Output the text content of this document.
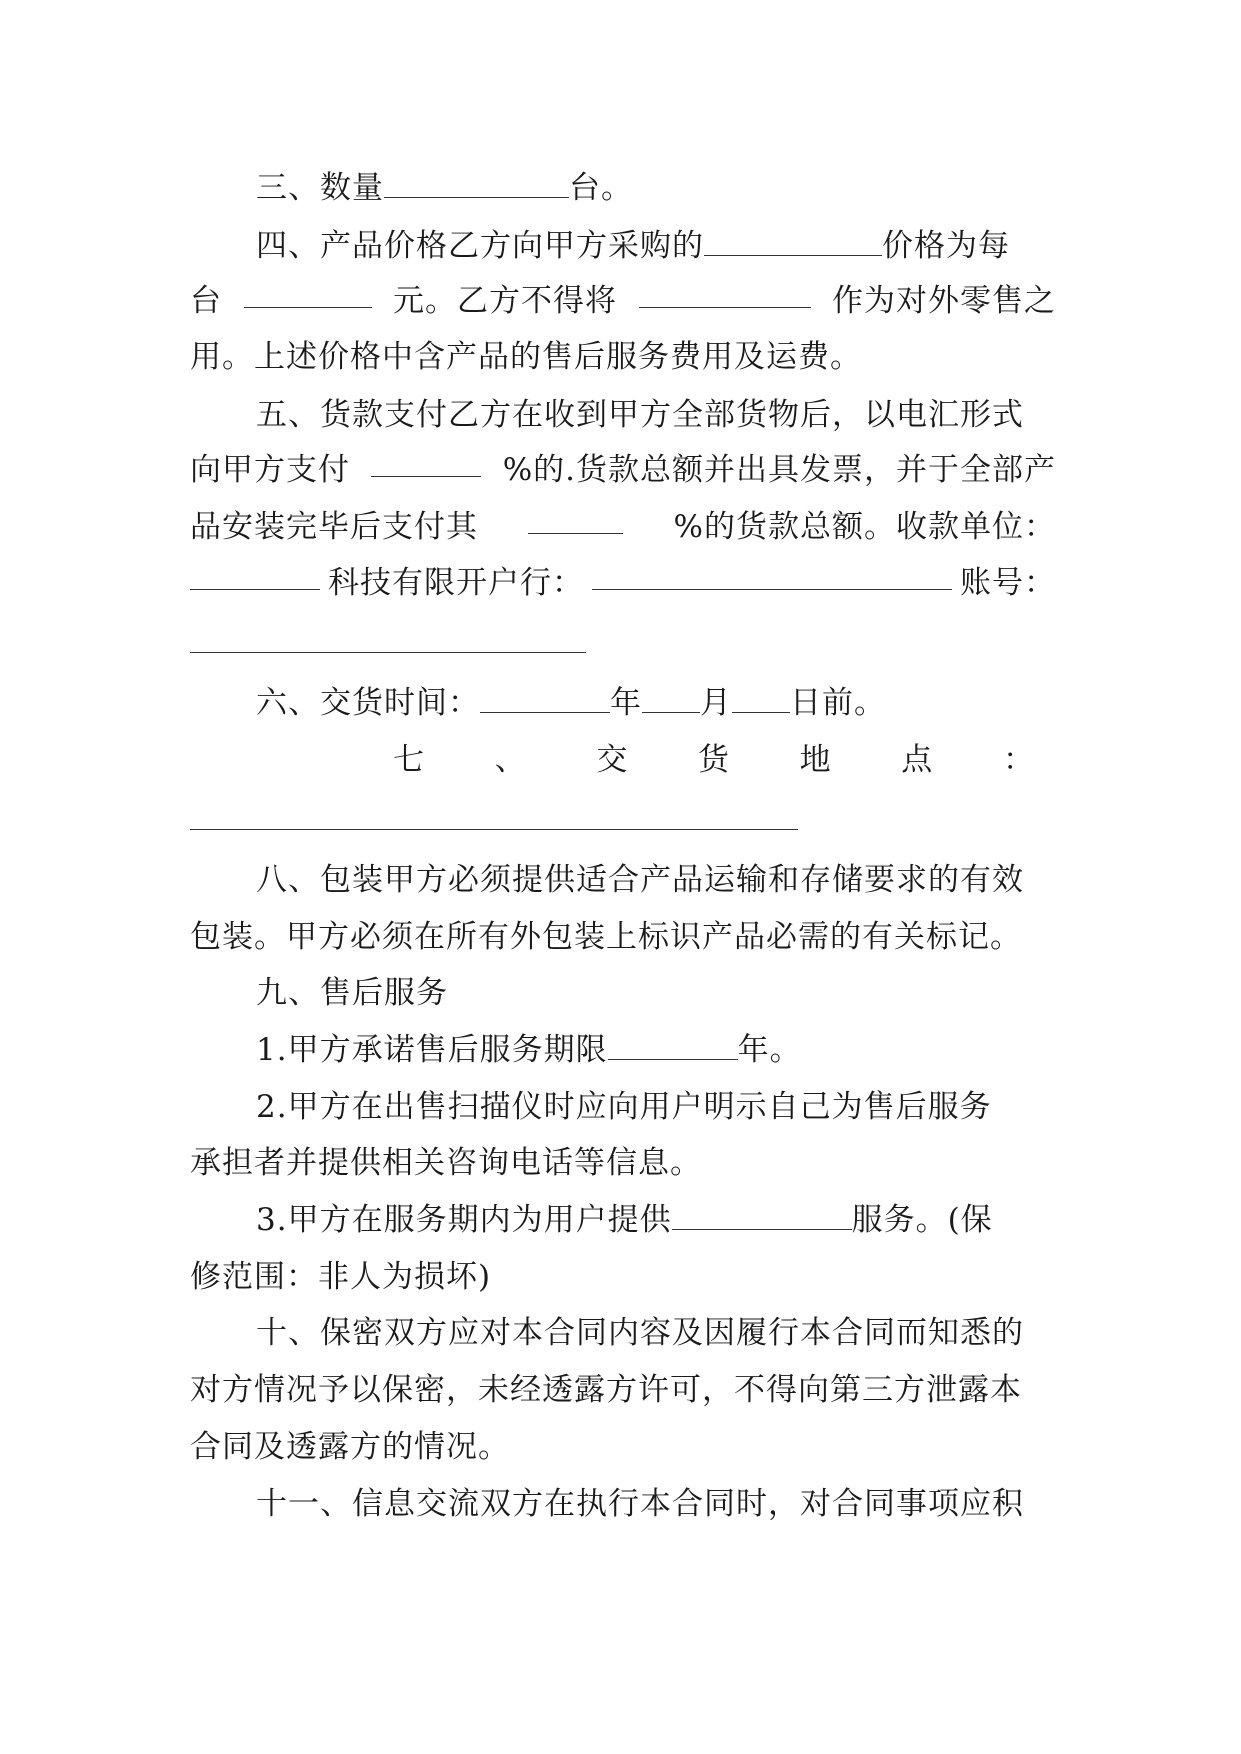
三、数量	台。
四、产品价格乙方向甲方采购的	价格为每
台	元。乙方不得将	作为对外零售之
用。上述价格中含产品的售后服务费用及运费。
五、货款支付乙方在收到甲方全部货物后，以电汇形式
向甲方支付	%的.货款总额并出具发票，并于全部产
品安装完毕后支付其	%的货款总额。收款单位：
科技有限开户行：	账号：
六、交货时间：	年 月 日前。
七 、 交 货 地 点 ：
八、包装甲方必须提供适合产品运输和存储要求的有效
包装。甲方必须在所有外包装上标识产品必需的有关标记。
九、售后服务
1.甲方承诺售后服务期限	年。
2.甲方在出售扫描仪时应向用户明示自己为售后服务
承担者并提供相关咨询电话等信息。
3.甲方在服务期内为用户提供	服务。(保
修范围：非人为损坏)
十、保密双方应对本合同内容及因履行本合同而知悉的
对方情况予以保密，未经透露方许可，不得向第三方泄露本
合同及透露方的情况。
十一、信息交流双方在执行本合同时，对合同事项应积
